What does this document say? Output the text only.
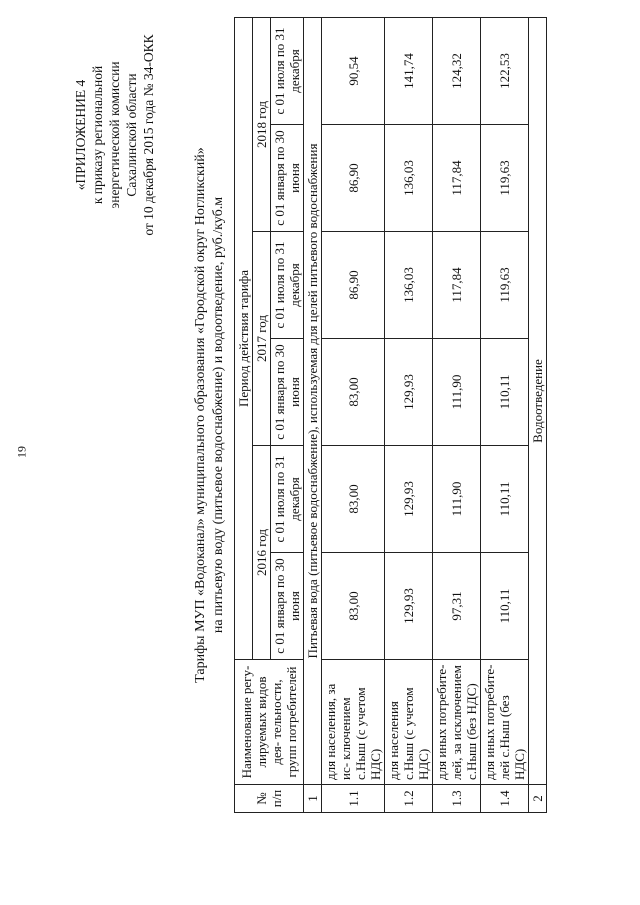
19
«ПРИЛОЖЕНИЕ 4 к приказу региональной энергетической комиссии Сахалинской области от 10 декабря 2015 года № 34-ОКК
Тарифы МУП «Водоканал» муниципального образования «Городской округ Ногликский» на питьевую воду (питьевое водоснабжение) и водоотведение, руб./куб.м
№ п/п	Наименование регу- лируемых видов дея- тельности, групп потребителей	Период действия тарифа					
		2016 год		2017 год		2018 год	
		с 01 января по 30 июня	с 01 июля по 31 декабря	с 01 января по 30 июня	с 01 июля по 31 декабря	с 01 января по 30 июня	с 01 июля по 31 декабря
1	Питьевая вода (питьевое водоснабжение), используемая для целей питьевого водоснабжения						
1.1	для населения, за ис- ключением с.Ныш (с учетом НДС)	83,00	83,00	83,00	86,90	86,90	90,54
1.2	для населения с.Ныш (с учетом НДС)	129,93	129,93	129,93	136,03	136,03	141,74
1.3	для иных потребите- лей, за исключением с.Ныш (без НДС)	97,31	111,90	111,90	117,84	117,84	124,32
1.4	для иных потребите- лей с.Ныш (без НДС)	110,11	110,11	110,11	119,63	119,63	122,53
2	Водоотведение						
